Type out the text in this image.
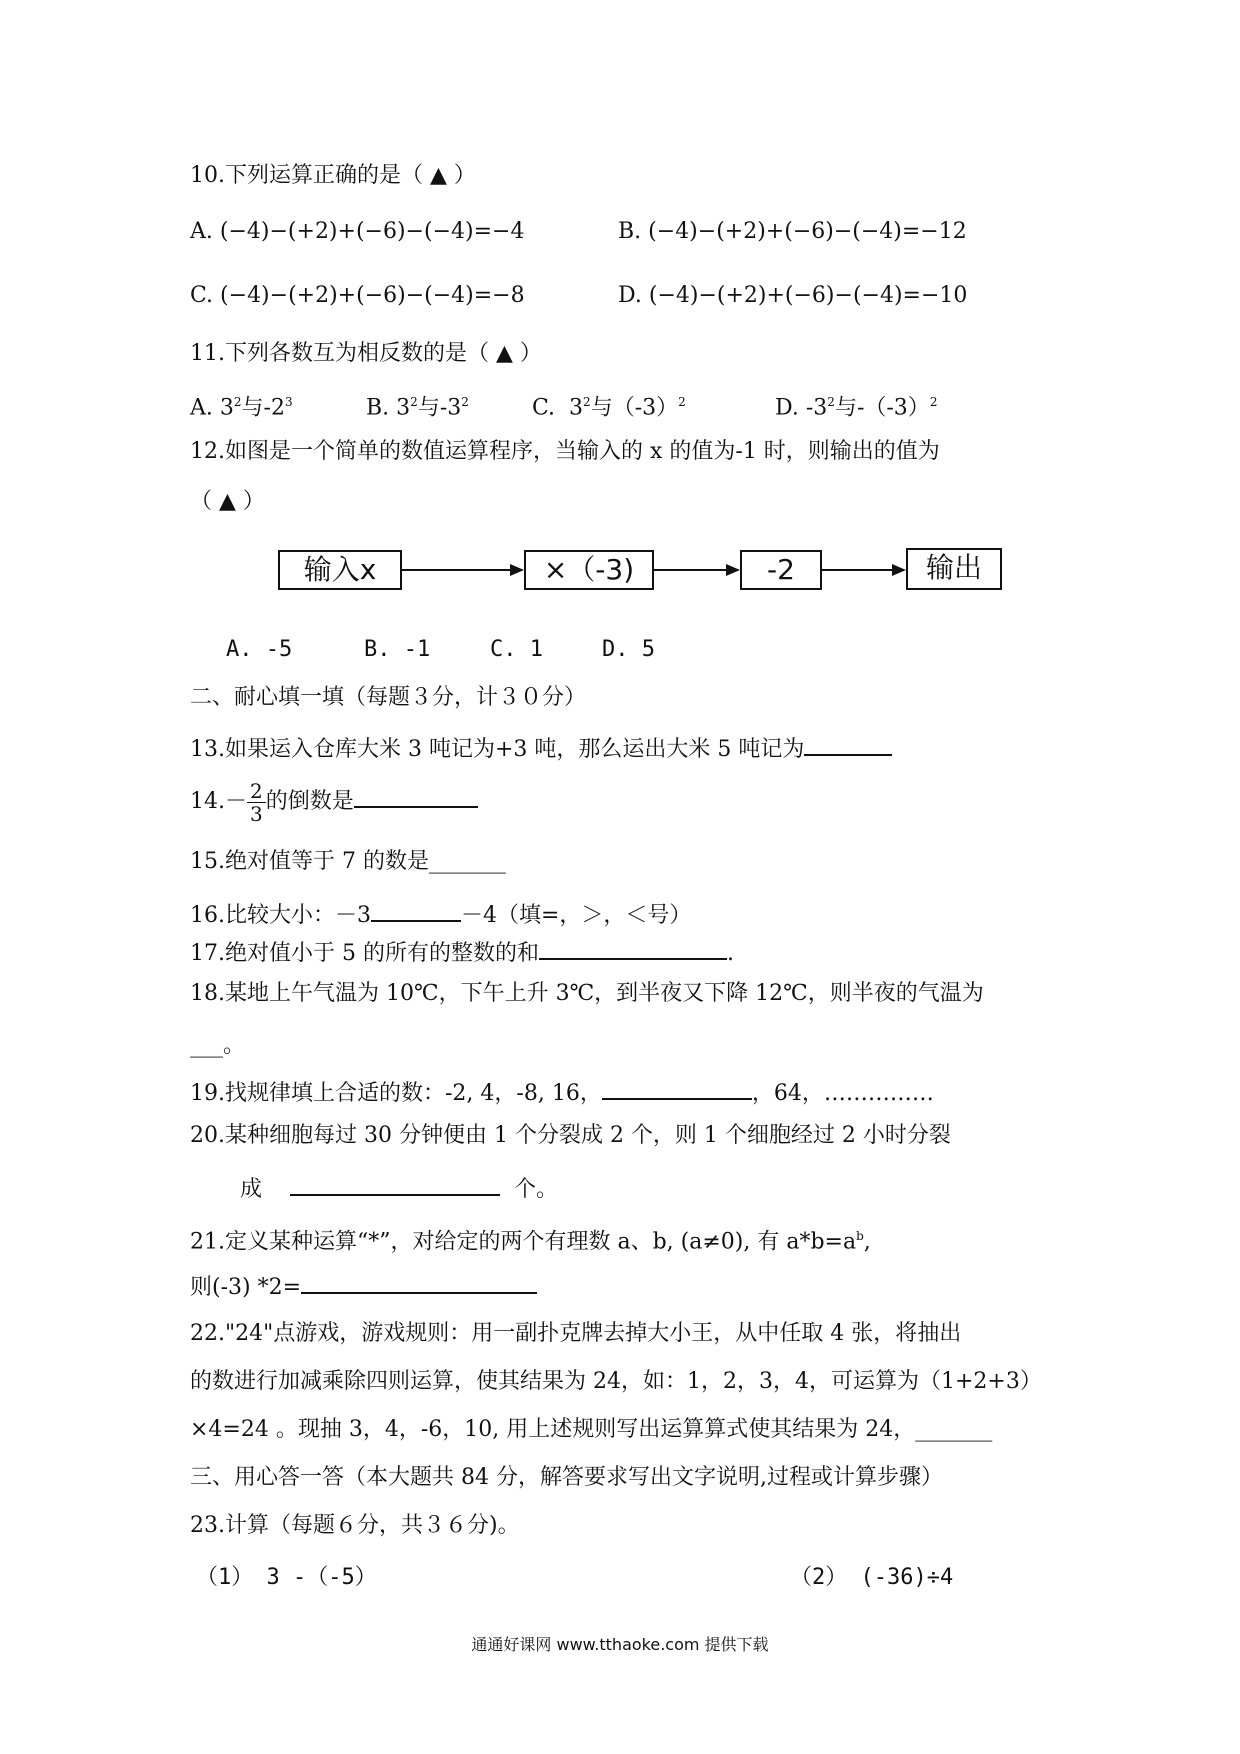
10.下列运算正确的是（ ▲ ）
A. (−4)−(+2)+(−6)−(−4)=−4	B. (−4)−(+2)+(−6)−(−4)=−12
C. (−4)−(+2)+(−6)−(−4)=−8	D. (−4)−(+2)+(−6)−(−4)=−10
11.下列各数互为相反数的是（ ▲ ）
A. $3^2$与$-2^3$	B. $3^2$与$-3^2$	C. $3^2$与$(-3)^2$	D. $-3^2$与$-(-3)^2$
12.如图是一个简单的数值运算程序，当输入的 x 的值为-1 时，则输出的值为
（ ▲ ）
输入x	×（-3)	-2	输出
A. -5	B. -1	C. 1	D. 5
二、耐心填一填（每题３分，计３０分）
13.如果运入仓库大米 3 吨记为+3 吨，那么运出大米 5 吨记为
$14.- \frac{2}{3}$ 的倒数是
15.绝对值等于 7 的数是_______
16.比较大小：－3	－4（填=，＞，＜号）
17.绝对值小于 5 的所有的整数的和	.
18.某地上午气温为 10℃，下午上升 3℃，到半夜又下降 12℃，则半夜的气温为
___。
19.找规律填上合适的数：-2, 4，-8, 16，	，64，……………
20.某种细胞每过 30 分钟便由 1 个分裂成 2 个，则 1 个细胞经过 2 小时分裂
成	个。
21.定义某种运算“*”，对给定的两个有理数 a、b, (a≠0), 有 $a*b=a^b$,
则(-3) *2=
22."24"点游戏，游戏规则：用一副扑克牌去掉大小王，从中任取 4 张，将抽出
的数进行加减乘除四则运算，使其结果为 24，如：1，2，3，4，可运算为（1+2+3）
×4=24 。现抽 3，4，-6，10, 用上述规则写出运算算式使其结果为 24，_______
三、用心答一答（本大题共 84 分，解答要求写出文字说明,过程或计算步骤）
23.计算（每题６分，共３６分)。
（1） 3 -（-5）	（2） (-36)÷4
通通好课网 www.tthaoke.com 提供下载
